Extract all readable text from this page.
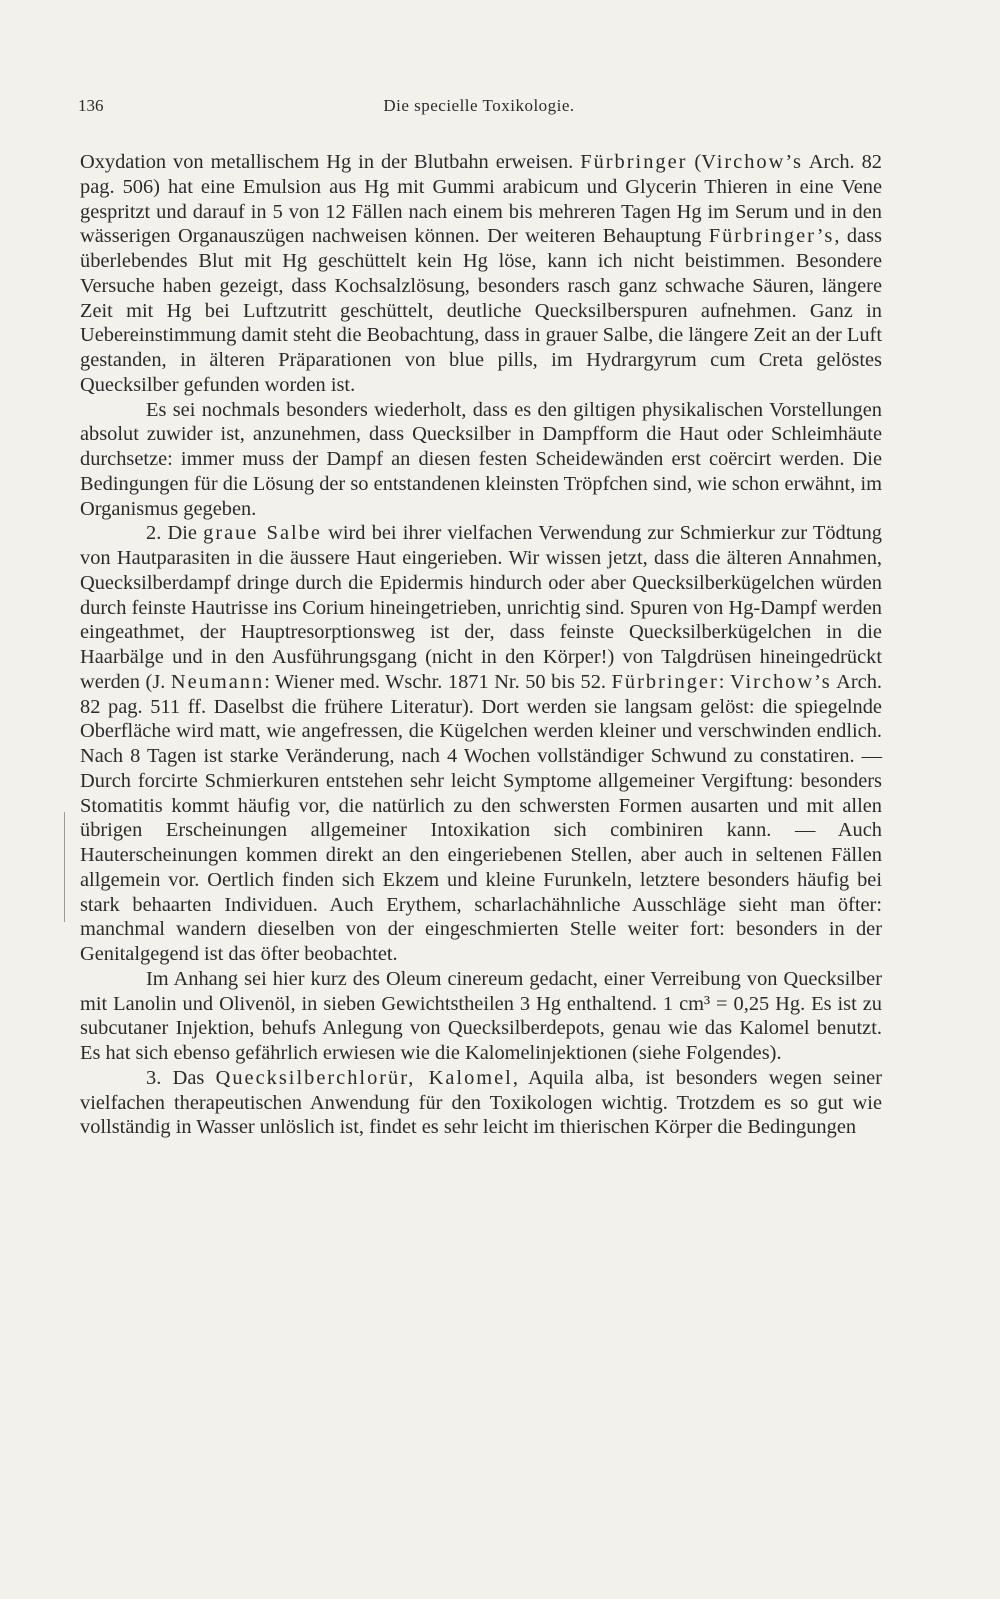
136	Die specielle Toxikologie.

Oxydation von metallischem Hg in der Blutbahn erweisen. Fürbringer (Virchow’s Arch. 82 pag. 506) hat eine Emulsion aus Hg mit Gummi arabicum und Glycerin Thieren in eine Vene gespritzt und darauf in 5 von 12 Fällen nach einem bis mehreren Tagen Hg im Serum und in den wässerigen Organauszügen nachweisen können. Der weiteren Behauptung Fürbringer’s, dass überlebendes Blut mit Hg geschüttelt kein Hg löse, kann ich nicht beistimmen. Besondere Versuche haben gezeigt, dass Kochsalzlösung, besonders rasch ganz schwache Säuren, längere Zeit mit Hg bei Luftzutritt geschüttelt, deutliche Quecksilberspuren aufnehmen. Ganz in Uebereinstimmung damit steht die Beobachtung, dass in grauer Salbe, die längere Zeit an der Luft gestanden, in älteren Präparationen von blue pills, im Hydrargyrum cum Creta gelöstes Quecksilber gefunden worden ist.

Es sei nochmals besonders wiederholt, dass es den giltigen physikalischen Vorstellungen absolut zuwider ist, anzunehmen, dass Quecksilber in Dampfform die Haut oder Schleimhäute durchsetze: immer muss der Dampf an diesen festen Scheidewänden erst coërcirt werden. Die Bedingungen für die Lösung der so entstandenen kleinsten Tröpfchen sind, wie schon erwähnt, im Organismus gegeben.

2. Die graue Salbe wird bei ihrer vielfachen Verwendung zur Schmierkur zur Tödtung von Hautparasiten in die äussere Haut eingerieben. Wir wissen jetzt, dass die älteren Annahmen, Quecksilberdampf dringe durch die Epidermis hindurch oder aber Quecksilberkügelchen würden durch feinste Hautrisse ins Corium hineingetrieben, unrichtig sind. Spuren von Hg-Dampf werden eingeathmet, der Hauptresorptionsweg ist der, dass feinste Quecksilberkügelchen in die Haarbälge und in den Ausführungsgang (nicht in den Körper!) von Talgdrüsen hineingedrückt werden (J. Neumann: Wiener med. Wschr. 1871 Nr. 50 bis 52. Fürbringer: Virchow’s Arch. 82 pag. 511 ff. Daselbst die frühere Literatur). Dort werden sie langsam gelöst: die spiegelnde Oberfläche wird matt, wie angefressen, die Kügelchen werden kleiner und verschwinden endlich. Nach 8 Tagen ist starke Veränderung, nach 4 Wochen vollständiger Schwund zu constatiren. — Durch forcirte Schmierkuren entstehen sehr leicht Symptome allgemeiner Vergiftung: besonders Stomatitis kommt häufig vor, die natürlich zu den schwersten Formen ausarten und mit allen übrigen Erscheinungen allgemeiner Intoxikation sich combiniren kann. — Auch Hauterscheinungen kommen direkt an den eingeriebenen Stellen, aber auch in seltenen Fällen allgemein vor. Oertlich finden sich Ekzem und kleine Furunkeln, letztere besonders häufig bei stark behaarten Individuen. Auch Erythem, scharlachähnliche Ausschläge sieht man öfter: manchmal wandern dieselben von der eingeschmierten Stelle weiter fort: besonders in der Genitalgegend ist das öfter beobachtet.

Im Anhang sei hier kurz des Oleum cinereum gedacht, einer Verreibung von Quecksilber mit Lanolin und Olivenöl, in sieben Gewichtstheilen 3 Hg enthaltend. 1 cm³ = 0,25 Hg. Es ist zu subcutaner Injektion, behufs Anlegung von Quecksilberdepots, genau wie das Kalomel benutzt. Es hat sich ebenso gefährlich erwiesen wie die Kalomelinjektionen (siehe Folgendes).

3. Das Quecksilberchlorür, Kalomel, Aquila alba, ist besonders wegen seiner vielfachen therapeutischen Anwendung für den Toxikologen wichtig. Trotzdem es so gut wie vollständig in Wasser unlöslich ist, findet es sehr leicht im thierischen Körper die Bedingungen
